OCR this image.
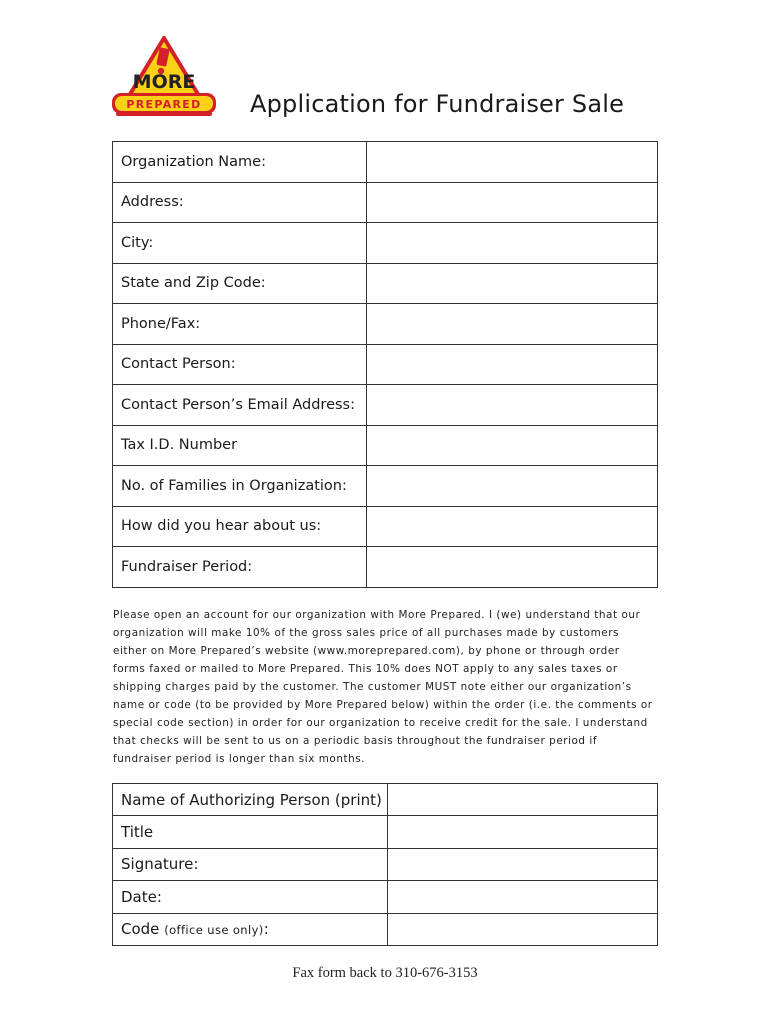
MORE
PREPARED Application for Fundraiser Sale
Organization Name:	
Address:	
City:	
State and Zip Code:	
Phone/Fax:	
Contact Person:	
Contact Person’s Email Address:	
Tax I.D. Number	
No. of Families in Organization:	
How did you hear about us:	
Fundraiser Period:	
Please open an account for our organization with More Prepared. I (we) understand that our organization will make 10% of the gross sales price of all purchases made by customers either on More Prepared’s website (www.moreprepared.com), by phone or through order forms faxed or mailed to More Prepared. This 10% does NOT apply to any sales taxes or shipping charges paid by the customer. The customer MUST note either our organization’s name or code (to be provided by More Prepared below) within the order (i.e. the comments or special code section) in order for our organization to receive credit for the sale. I understand that checks will be sent to us on a periodic basis throughout the fundraiser period if fundraiser period is longer than six months.
Name of Authorizing Person (print)	
Title	
Signature:	
Date:	
Code (office use only):	
Fax form back to 310-676-3153
